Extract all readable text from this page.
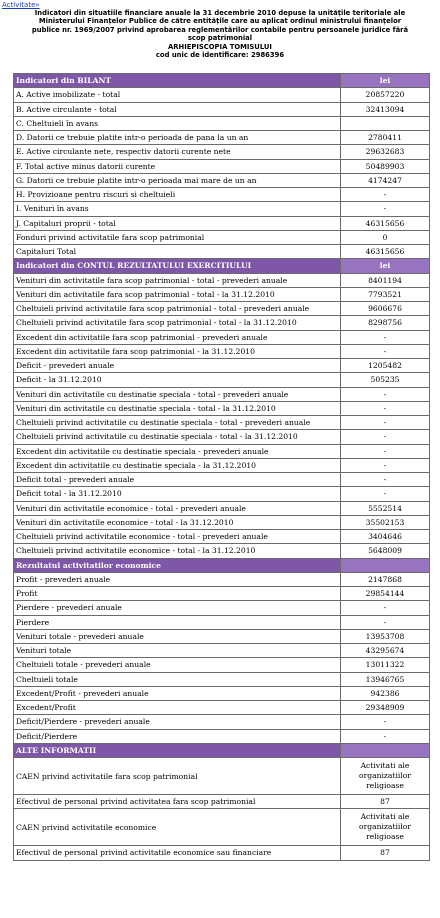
Activitate»
Indicatori din situatiile financiare anuale la 31 decembrie 2010 depuse la unitățile teritoriale ale
Ministerului Finanțelor Publice de către entitățile care au aplicat ordinul ministrului finanțelor
publice nr. 1969/2007 privind aprobarea reglementărilor contabile pentru persoanele juridice fără
scop patrimonial
ARHIEPISCOPIA TOMISULUI
cod unic de identificare: 2986396
Indicatori din BILANT	lei
A. Active imobilizate - total	20857220
B. Active circulante - total	32413094
C. Cheltuieli în avans	
D. Datorii ce trebuie platite intr-o perioada de pana la un an	2780411
E. Active circulante nete, respectiv datorii curente nete	29632683
F. Total active minus datorii curente	50489903
G. Datorii ce trebuie platite intr-o perioada mai mare de un an	4174247
H. Provizioane pentru riscuri si cheltuieli	-
I. Venituri în avans	-
J. Capitaluri proprii - total	46315656
Fonduri privind activitatile fara scop patrimonial	0
Capitaluri Total	46315656
Indicatori din CONTUL REZULTATULUI EXERCITIULUI	lei
Venituri din activitatile fara scop patrimonial - total - prevederi anuale	8401194
Venituri din activitatile fara scop patrimonial - total - la 31.12.2010	7793521
Cheltuieli privind activitatile fara scop patrimonial - total - prevederi anuale	9606676
Cheltuieli privind activitatile fara scop patrimonial - total - la 31.12.2010	8298756
Excedent din activitatile fara scop patrimonial - prevederi anuale	-
Excedent din activitatile fara scop patrimonial - la 31.12.2010	-
Deficit - prevederi anuale	1205482
Deficit - la 31.12.2010	505235
Venituri din activitatile cu destinatie speciala - total - prevederi anuale	-
Venituri din activitatile cu destinatie speciala - total - la 31.12.2010	-
Cheltuieli privind activitatile cu destinatie speciala - total - prevederi anuale	-
Cheltuieli privind activitatile cu destinatie speciala - total - la 31.12.2010	-
Excedent din activitatile cu destinatie speciala - prevederi anuale	-
Excedent din activitatile cu destinatie speciala - la 31.12.2010	-
Deficit total - prevederi anuale	-
Deficit total - la 31.12.2010	-
Venituri din activitatile economice - total - prevederi anuale	5552514
Venituri din activitatile economice - total - la 31.12.2010	35502153
Cheltuieli privind activitatile economice - total - prevederi anuale	3404646
Cheltuieli privind activitatile economice - total - la 31.12.2010	5648009
Rezultatul activitatilor economice	
Profit - prevederi anuale	2147868
Profit	29854144
Pierdere - prevederi anuale	-
Pierdere	-
Venituri totale - prevederi anuale	13953708
Venituri totale	43295674
Cheltuieli totale - prevederi anuale	13011322
Cheltuieli totale	13946765
Excedent/Profit - prevederi anuale	942386
Excedent/Profit	29348909
Deficit/Pierdere - prevederi anuale	-
Deficit/Pierdere	-
ALTE INFORMATII	
CAEN privind activitatile fara scop patrimonial	Activitati ale organizatiilor religioase
Efectivul de personal privind activitatea fara scop patrimonial	87
CAEN privind activitatile economice	Activitati ale organizatiilor religioase
Efectivul de personal privind activitatile economice sau financiare	87
